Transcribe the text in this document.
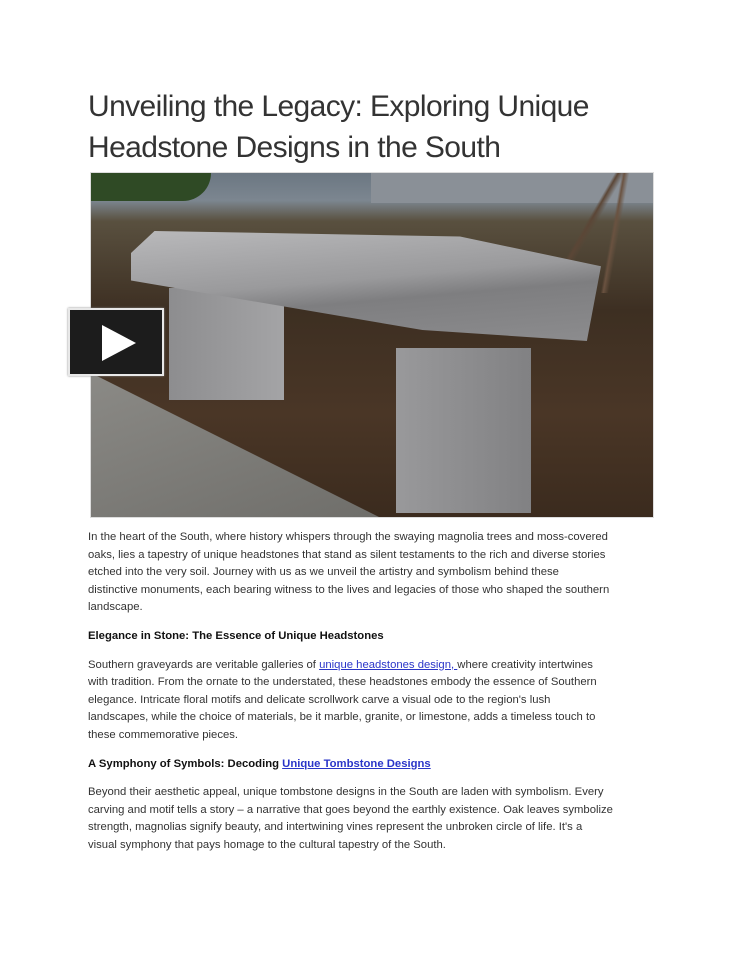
Unveiling the Legacy: Exploring Unique
Headstone Designs in the South

In the heart of the South, where history whispers through the swaying magnolia trees and moss-covered
oaks, lies a tapestry of unique headstones that stand as silent testaments to the rich and diverse stories
etched into the very soil. Journey with us as we unveil the artistry and symbolism behind these
distinctive monuments, each bearing witness to the lives and legacies of those who shaped the southern
landscape.

Elegance in Stone: The Essence of Unique Headstones

Southern graveyards are veritable galleries of unique headstones design, where creativity intertwines
with tradition. From the ornate to the understated, these headstones embody the essence of Southern
elegance. Intricate floral motifs and delicate scrollwork carve a visual ode to the region's lush
landscapes, while the choice of materials, be it marble, granite, or limestone, adds a timeless touch to
these commemorative pieces.

A Symphony of Symbols: Decoding Unique Tombstone Designs

Beyond their aesthetic appeal, unique tombstone designs in the South are laden with symbolism. Every
carving and motif tells a story – a narrative that goes beyond the earthly existence. Oak leaves symbolize
strength, magnolias signify beauty, and intertwining vines represent the unbroken circle of life. It's a
visual symphony that pays homage to the cultural tapestry of the South.
